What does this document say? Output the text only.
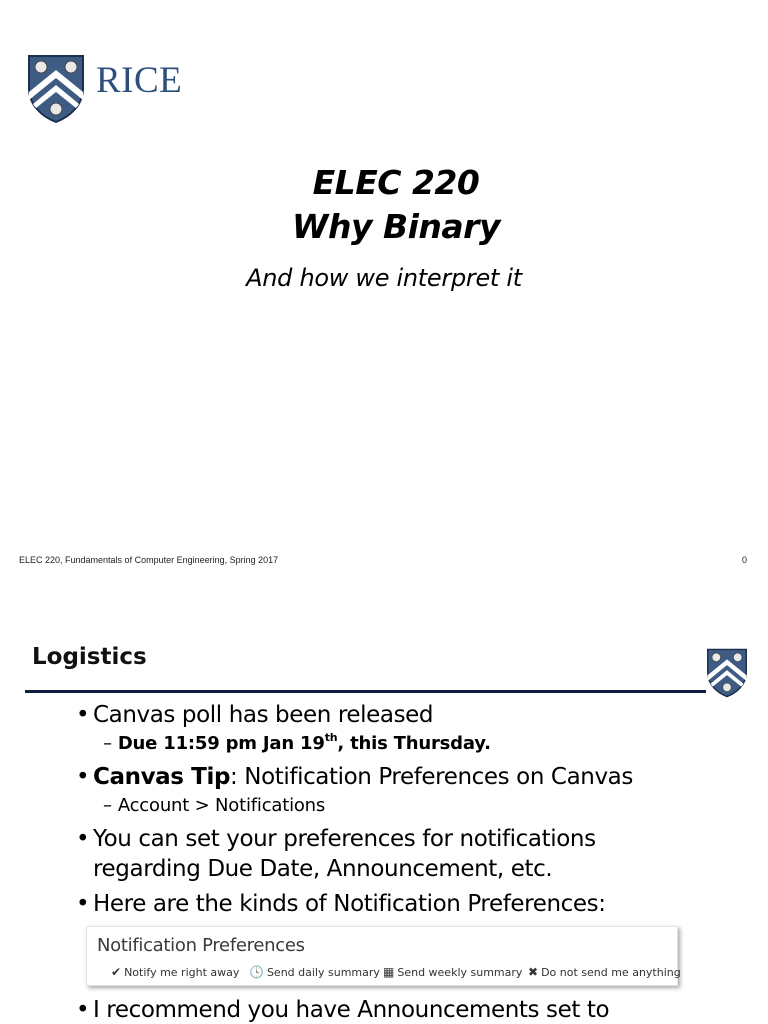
RICE
ELEC 220
Why Binary
And how we interpret it
ELEC 220, Fundamentals of Computer Engineering, Spring 2017	0
Logistics
• Canvas poll has been released
– Due 11:59 pm Jan 19th, this Thursday.
• Canvas Tip: Notification Preferences on Canvas
– Account > Notifications
• You can set your preferences for notifications
regarding Due Date, Announcement, etc.
• Here are the kinds of Notification Preferences:
Notification Preferences
✔ Notify me right away 🕓 Send daily summary ▦ Send weekly summary ✖ Do not send me anything
• I recommend you have Announcements set to
